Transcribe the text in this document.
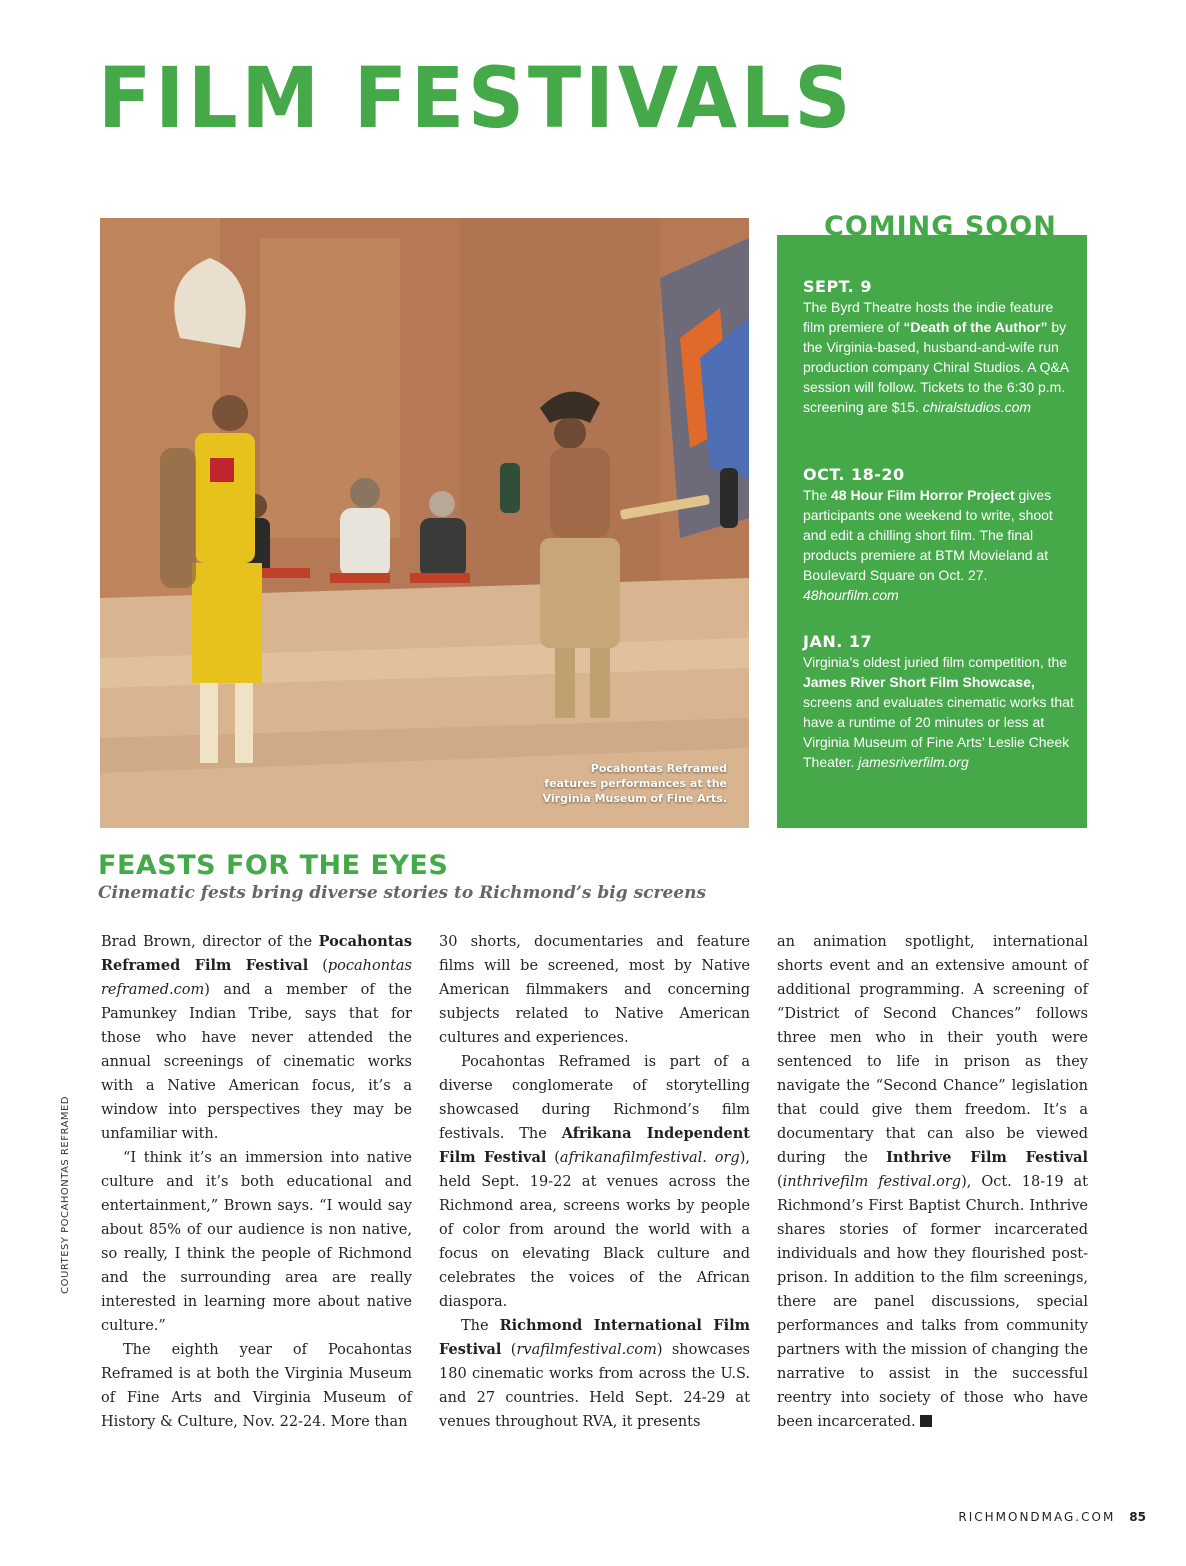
FILM FESTIVALS
Pocahontas Reframed
features performances at the
Virginia Museum of Fine Arts.
SEPT. 9
The Byrd Theatre hosts the indie feature film premiere of “Death of the Author” by the Virginia-based, husband-and-wife run production company Chiral Studios. A Q&A session will follow. Tickets to the 6:30 p.m. screening are $15. chiralstudios.com
OCT. 18-20
The 48 Hour Film Horror Project gives participants one weekend to write, shoot and edit a chilling short film. The final products premiere at BTM Movieland at Boulevard Square on Oct. 27. 48hourfilm.com
JAN. 17
Virginia’s oldest juried film competition, the James River Short Film Showcase, screens and evaluates cinematic works that have a runtime of 20 minutes or less at Virginia Museum of Fine Arts’ Leslie Cheek Theater. jamesriverfilm.org
COMING SOON
FEASTS FOR THE EYES

Cinematic fests bring diverse stories to Richmond’s big screens

Brad Brown, director of the Pocahontas Reframed Film Festival (pocahontas reframed.com) and a member of the Pamunkey Indian Tribe, says that for those who have never attended the annual screenings of cinematic works with a Native American focus, it’s a window into perspectives they may be unfamiliar with.

“I think it’s an immersion into native culture and it’s both educational and entertainment,” Brown says. “I would say about 85% of our audience is non native, so really, I think the people of Richmond and the surrounding area are really interested in learning more about native culture.”

The eighth year of Pocahontas Reframed is at both the Virginia Museum of Fine Arts and Virginia Museum of History & Culture, Nov. 22-24. More than

30 shorts, documentaries and feature films will be screened, most by Native American filmmakers and concerning subjects related to Native American cultures and experiences.

Pocahontas Reframed is part of a diverse conglomerate of storytelling showcased during Richmond’s film festivals. The Afrikana Independent Film Festival (afrikanafilmfestival. org), held Sept. 19-22 at venues across the Richmond area, screens works by people of color from around the world with a focus on elevating Black culture and celebrates the voices of the African diaspora.

The Richmond International Film Festival (rvafilmfestival.com) showcases 180 cinematic works from across the U.S. and 27 countries. Held Sept. 24-29 at venues throughout RVA, it presents

an animation spotlight, international shorts event and an extensive amount of additional programming. A screening of “District of Second Chances” follows three men who in their youth were sentenced to life in prison as they navigate the “Second Chance” legislation that could give them freedom. It’s a documentary that can also be viewed during the Inthrive Film Festival (inthrivefilm festival.org), Oct. 18-19 at Richmond’s First Baptist Church. Inthrive shares stories of former incarcerated individuals and how they flourished post-prison. In addition to the film screenings, there are panel discussions, special performances and talks from community partners with the mission of changing the narrative to assist in the successful reentry into society of those who have been incarcerated.

COURTESY POCAHONTAS REFRAMED
RICHMONDMAG.COM 85
